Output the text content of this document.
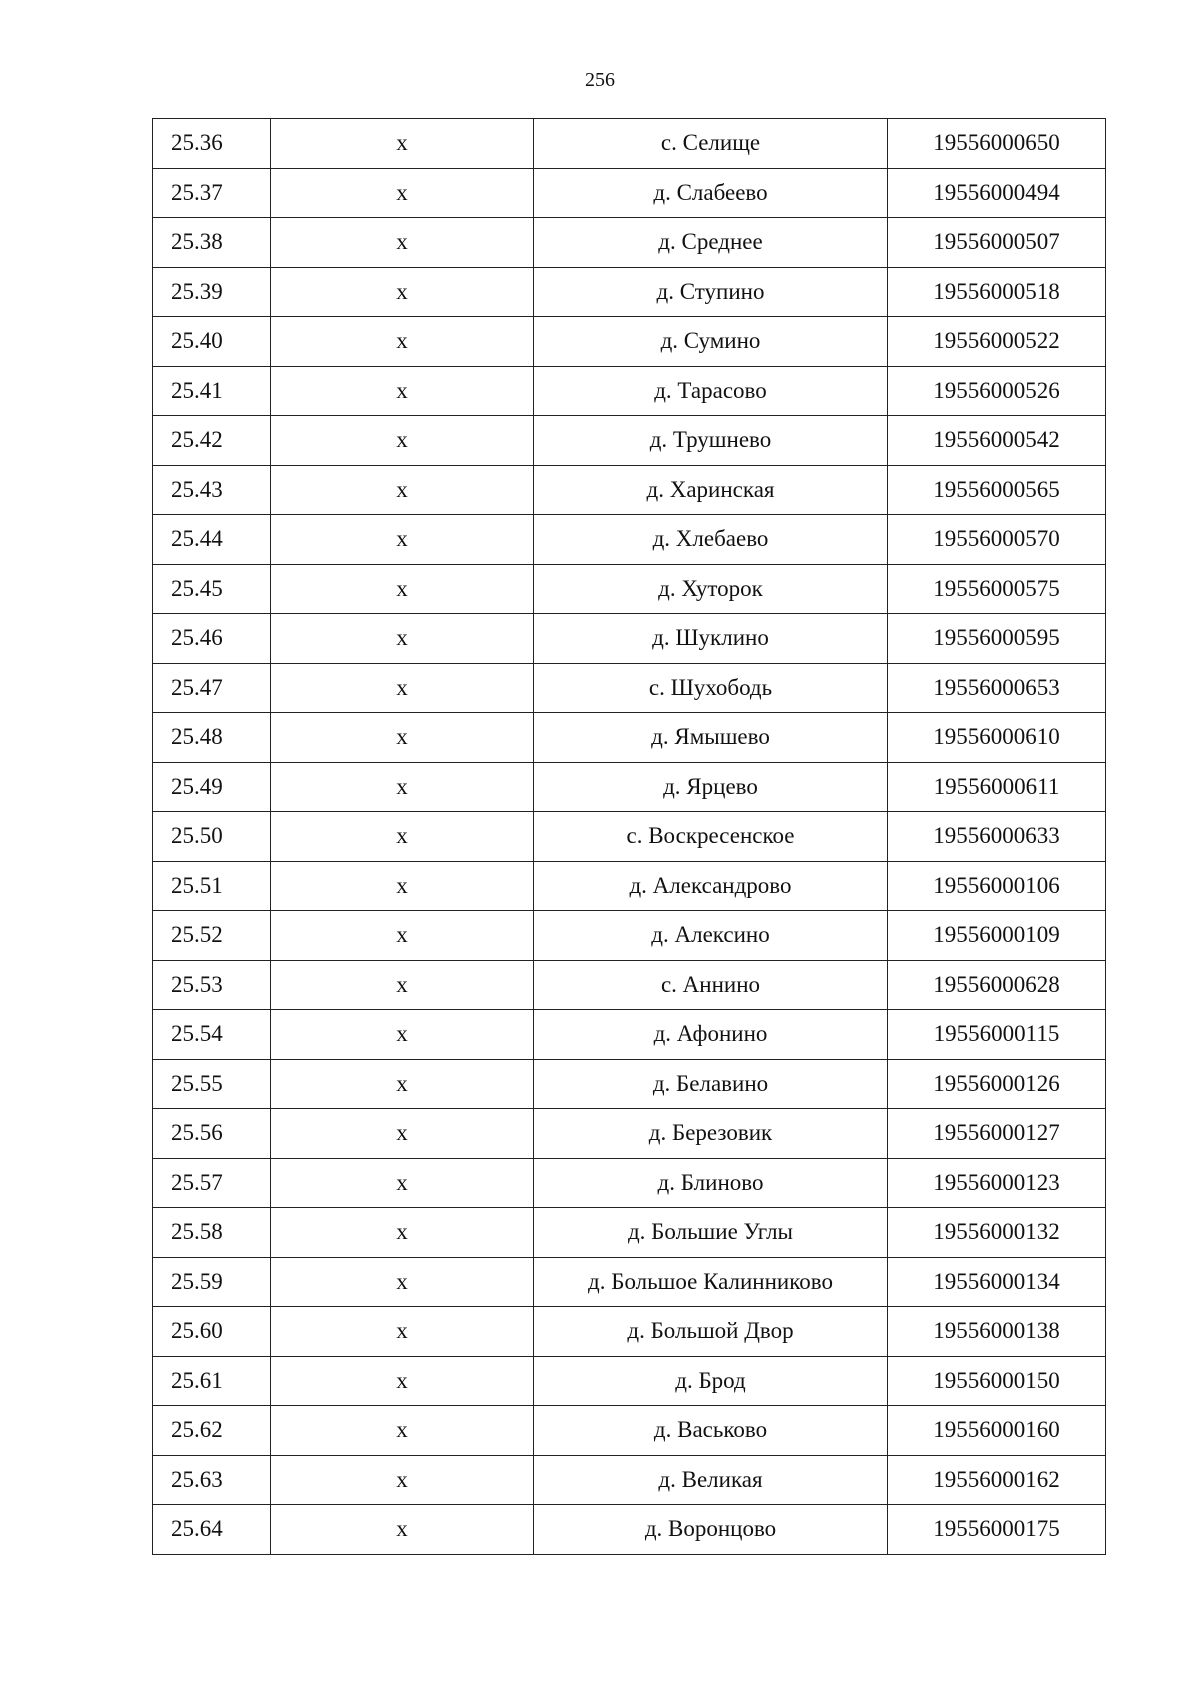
256
25.36	x	с. Селище	19556000650
25.37	x	д. Слабеево	19556000494
25.38	x	д. Среднее	19556000507
25.39	x	д. Ступино	19556000518
25.40	x	д. Сумино	19556000522
25.41	x	д. Тарасово	19556000526
25.42	x	д. Трушнево	19556000542
25.43	x	д. Харинская	19556000565
25.44	x	д. Хлебаево	19556000570
25.45	x	д. Хуторок	19556000575
25.46	x	д. Шуклино	19556000595
25.47	x	с. Шухободь	19556000653
25.48	x	д. Ямышево	19556000610
25.49	x	д. Ярцево	19556000611
25.50	x	с. Воскресенское	19556000633
25.51	x	д. Александрово	19556000106
25.52	x	д. Алексино	19556000109
25.53	x	с. Аннино	19556000628
25.54	x	д. Афонино	19556000115
25.55	x	д. Белавино	19556000126
25.56	x	д. Березовик	19556000127
25.57	x	д. Блиново	19556000123
25.58	x	д. Большие Углы	19556000132
25.59	x	д. Большое Калинниково	19556000134
25.60	x	д. Большой Двор	19556000138
25.61	x	д. Брод	19556000150
25.62	x	д. Васьково	19556000160
25.63	x	д. Великая	19556000162
25.64	x	д. Воронцово	19556000175
